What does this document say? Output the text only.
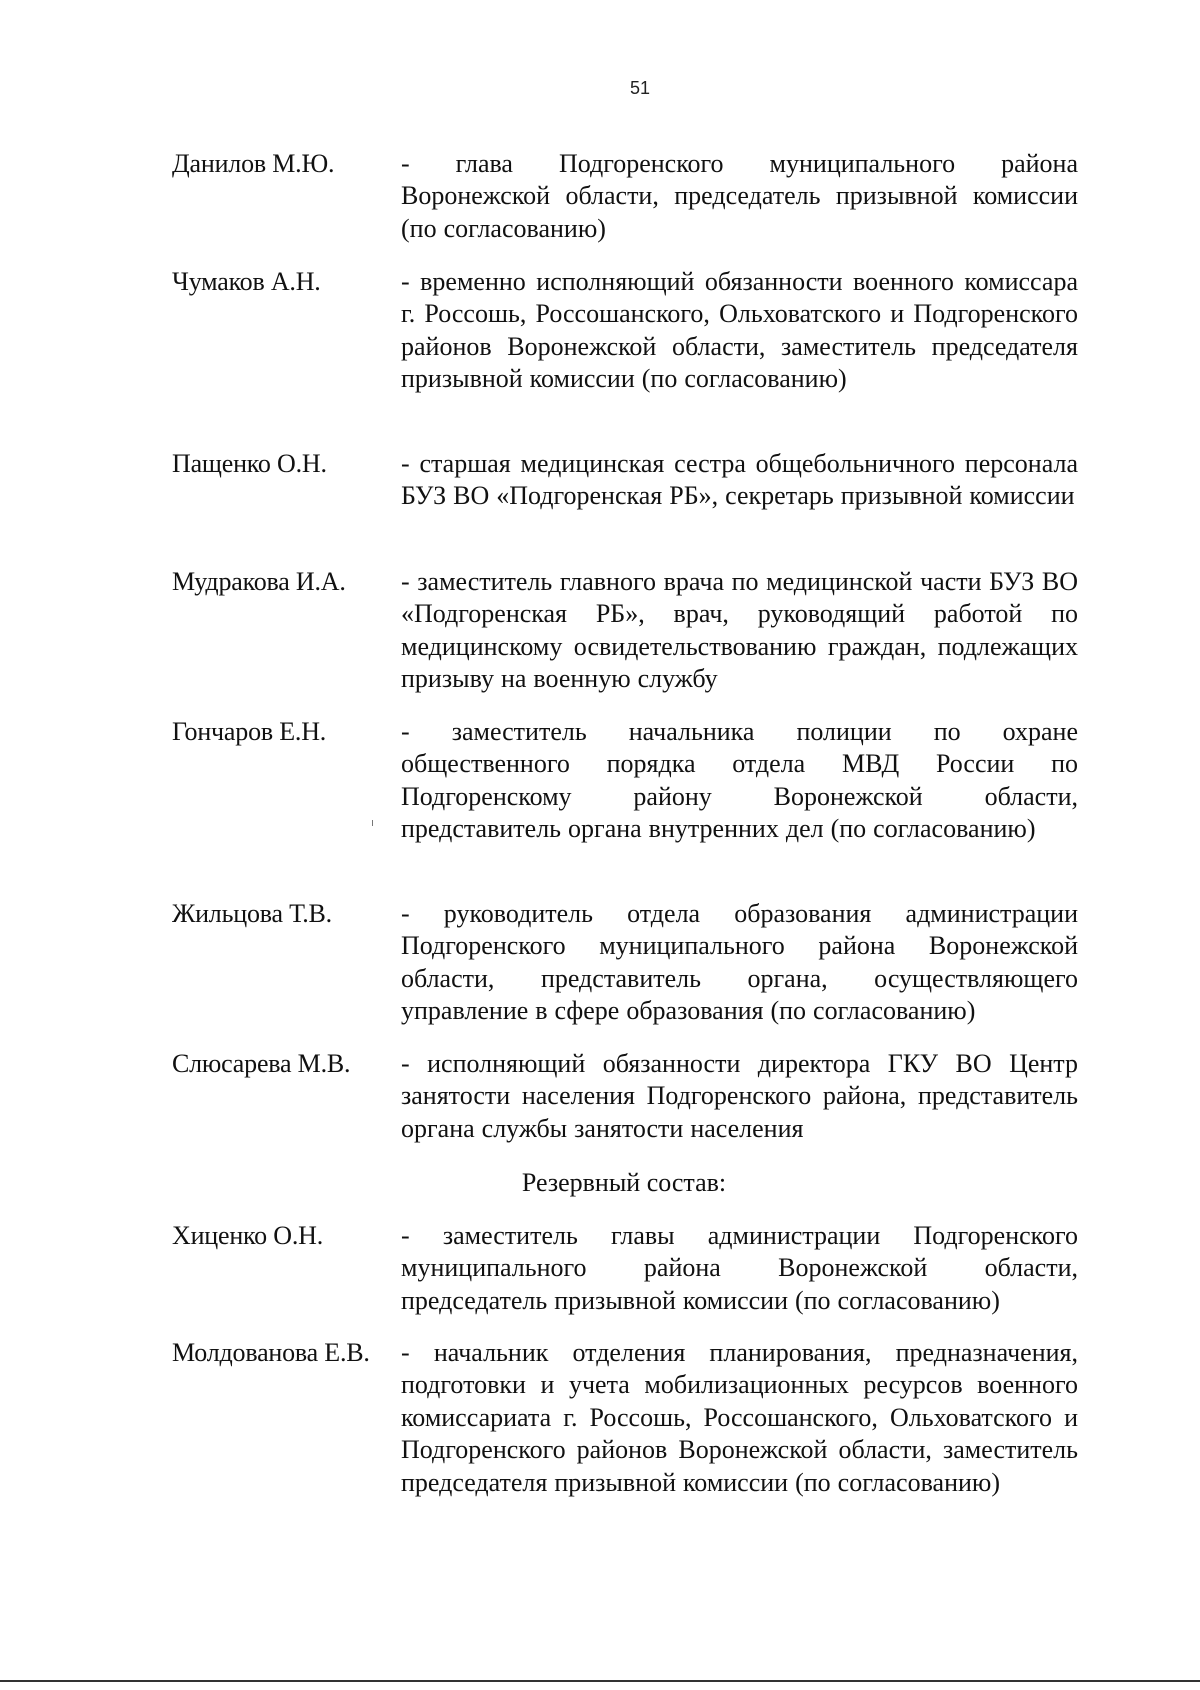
51
Данилов М.Ю.	- глава Подгоренского муниципального района Воронежской области, председатель призывной комиссии (по согласованию)
Чумаков А.Н.	- временно исполняющий обязанности военного комиссара г. Россошь, Россошанского, Ольховатского и Подгоренского районов Воронежской области, заместитель председателя призывной комиссии (по согласованию)
Пащенко О.Н.	- старшая медицинская сестра общебольничного персонала БУЗ ВО «Подгоренская РБ», секретарь призывной комиссии
Мудракова И.А.	- заместитель главного врача по медицинской части БУЗ ВО «Подгоренская РБ», врач, руководящий работой по медицинскому освидетельствованию граждан, подлежащих призыву на военную службу
Гончаров Е.Н.	- заместитель начальника полиции по охране общественного порядка отдела МВД России по Подгоренскому району Воронежской области, представитель органа внутренних дел (по согласованию)
Жильцова Т.В.	- руководитель отдела образования администрации Подгоренского муниципального района Воронежской области, представитель органа, осуществляющего управление в сфере образования (по согласованию)
Слюсарева М.В.	- исполняющий обязанности директора ГКУ ВО Центр занятости населения Подгоренского района, представитель органа службы занятости населения
Резервный состав:
Хиценко О.Н.	- заместитель главы администрации Подгоренского муниципального района Воронежской области, председатель призывной комиссии (по согласованию)
Молдованова Е.В. - начальник отделения планирования, предназначения, подготовки и учета мобилизационных ресурсов военного комиссариата г. Россошь, Россошанского, Ольховатского и Подгоренского районов Воронежской области, заместитель председателя призывной комиссии (по согласованию)
